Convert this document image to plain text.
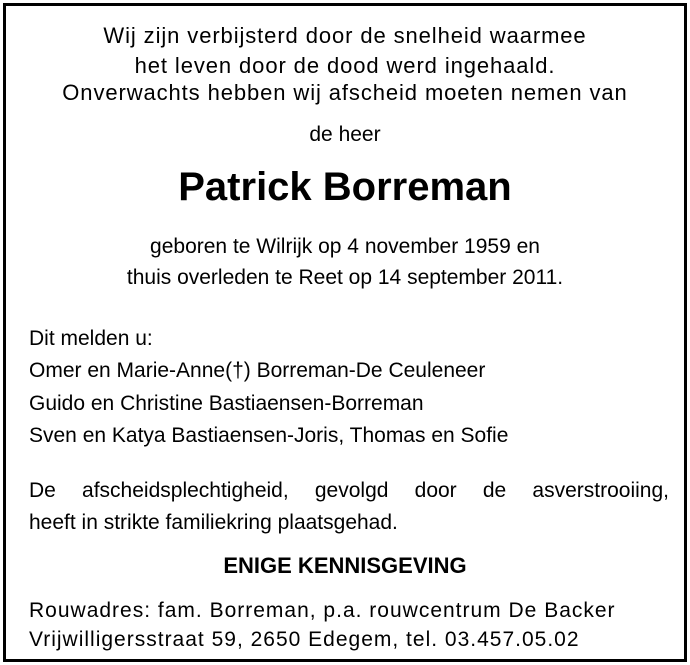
Wij zijn verbijsterd door de snelheid waarmee
het leven door de dood werd ingehaald.
Onverwachts hebben wij afscheid moeten nemen van
de heer
Patrick Borreman
geboren te Wilrijk op 4 november 1959 en
thuis overleden te Reet op 14 september 2011.
Dit melden u:
Omer en Marie-Anne(†) Borreman-De Ceuleneer
Guido en Christine Bastiaensen-Borreman
Sven en Katya Bastiaensen-Joris, Thomas en Sofie
De afscheidsplechtigheid, gevolgd door de asverstrooiing,
heeft in strikte familiekring plaatsgehad.
ENIGE KENNISGEVING
Rouwadres: fam. Borreman, p.a. rouwcentrum De Backer
Vrijwilligersstraat 59, 2650 Edegem, tel. 03.457.05.02
